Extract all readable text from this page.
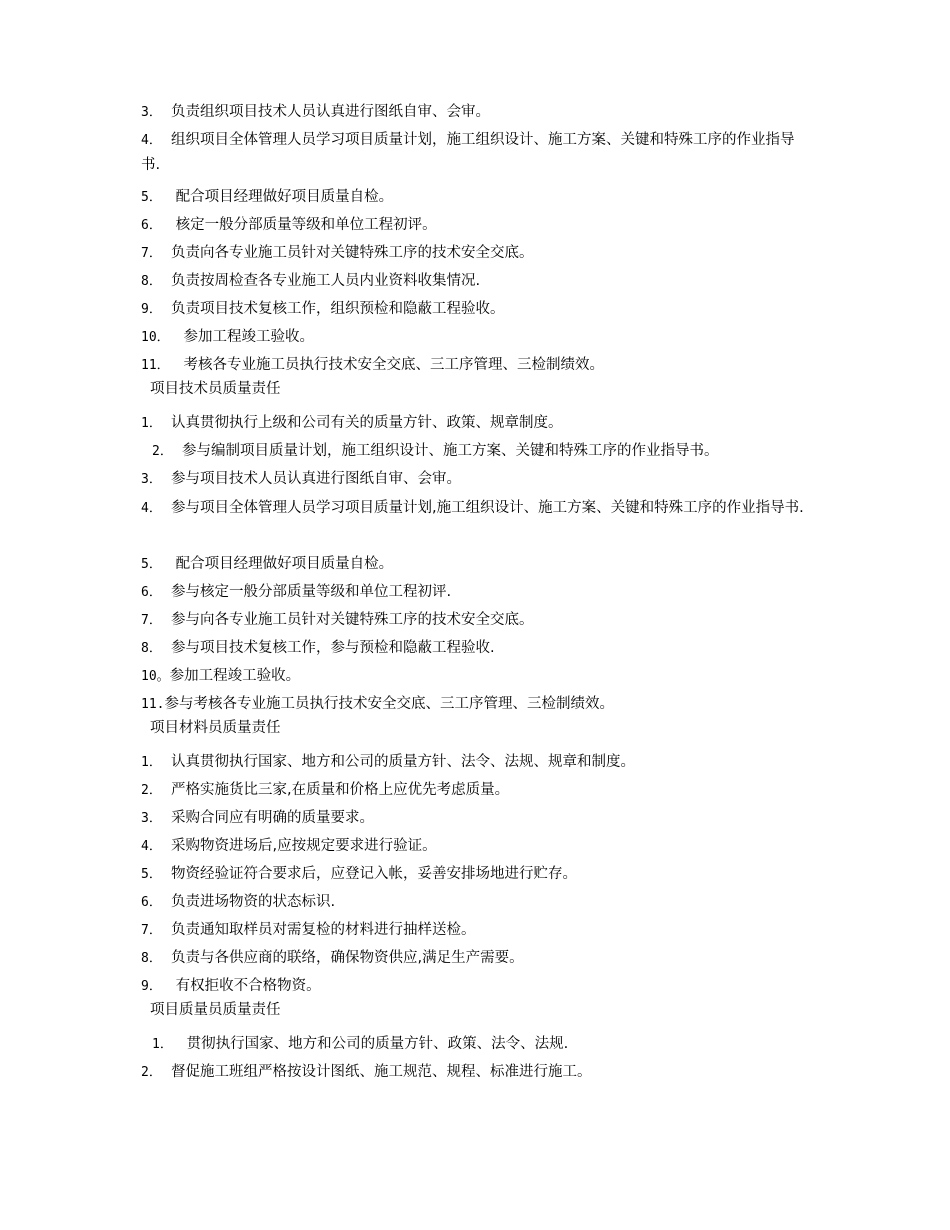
3． 负责组织项目技术人员认真进行图纸自审、会审。

4． 组织项目全体管理人员学习项目质量计划，施工组织设计、施工方案、关键和特殊工序的作业指导书.

5． 配合项目经理做好项目质量自检。

6． 核定一般分部质量等级和单位工程初评。

7． 负责向各专业施工员针对关键特殊工序的技术安全交底。

8． 负责按周检查各专业施工人员内业资料收集情况.

9． 负责项目技术复核工作，组织预检和隐蔽工程验收。

10． 参加工程竣工验收。

11． 考核各专业施工员执行技术安全交底、三工序管理、三检制绩效。

项目技术员质量责任

1． 认真贯彻执行上级和公司有关的质量方针、政策、规章制度。

2． 参与编制项目质量计划，施工组织设计、施工方案、关键和特殊工序的作业指导书。

3． 参与项目技术人员认真进行图纸自审、会审。

4． 参与项目全体管理人员学习项目质量计划,施工组织设计、施工方案、关键和特殊工序的作业指导书.

5． 配合项目经理做好项目质量自检。

6． 参与核定一般分部质量等级和单位工程初评.

7． 参与向各专业施工员针对关键特殊工序的技术安全交底。

8． 参与项目技术复核工作，参与预检和隐蔽工程验收.

10。参加工程竣工验收。

11.参与考核各专业施工员执行技术安全交底、三工序管理、三检制绩效。

项目材料员质量责任

1． 认真贯彻执行国家、地方和公司的质量方针、法令、法规、规章和制度。

2． 严格实施货比三家,在质量和价格上应优先考虑质量。

3． 采购合同应有明确的质量要求。

4． 采购物资进场后,应按规定要求进行验证。

5． 物资经验证符合要求后，应登记入帐，妥善安排场地进行贮存。

6． 负责进场物资的状态标识.

7． 负责通知取样员对需复检的材料进行抽样送检。

8． 负责与各供应商的联络，确保物资供应,满足生产需要。

9． 有权拒收不合格物资。

项目质量员质量责任

1． 贯彻执行国家、地方和公司的质量方针、政策、法令、法规.

2． 督促施工班组严格按设计图纸、施工规范、规程、标准进行施工。
